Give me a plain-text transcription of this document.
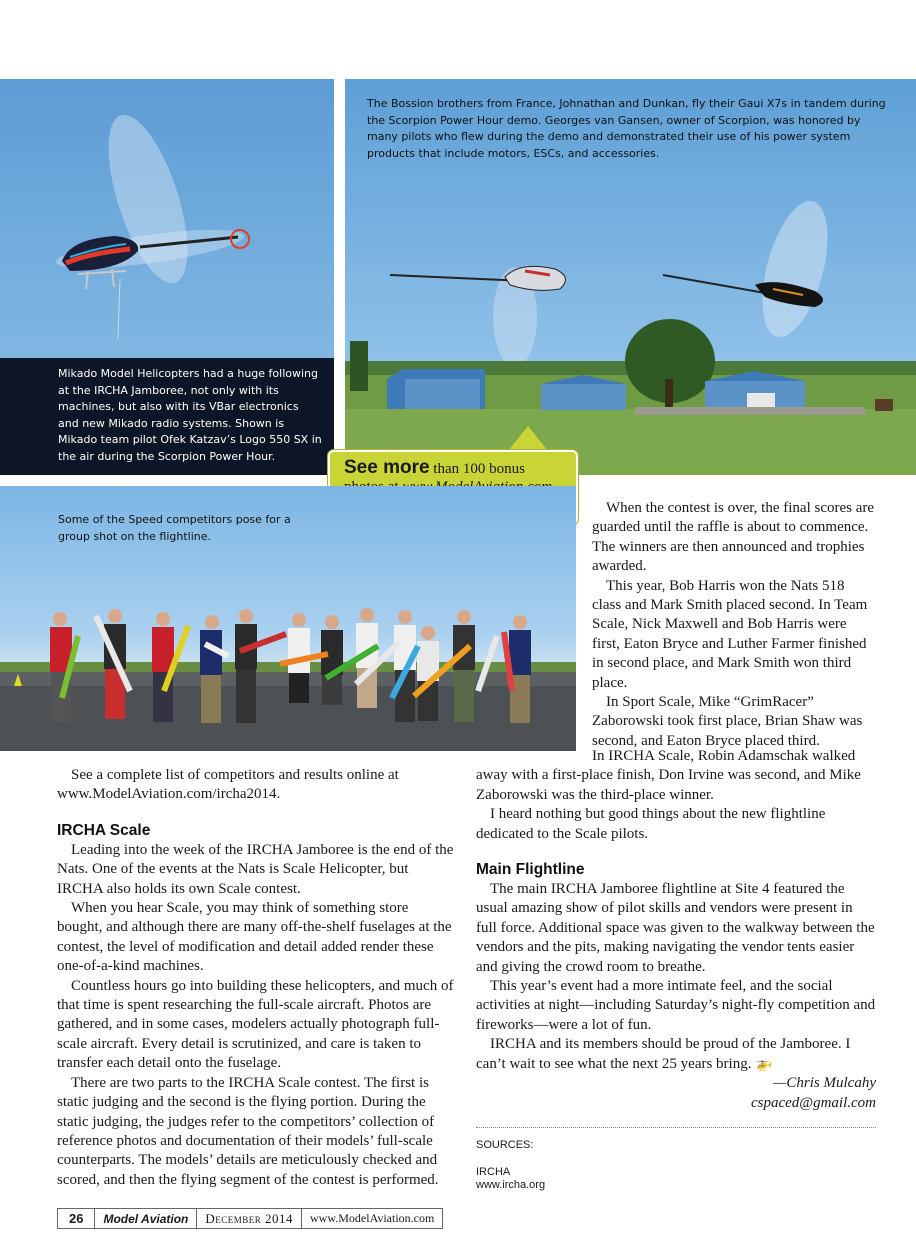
Mikado Model Helicopters had a huge following at the IRCHA Jamboree, not only with its machines, but also with its VBar electronics and new Mikado radio systems. Shown is Mikado team pilot Ofek Katzav’s Logo 550 SX in the air during the Scorpion Power Hour.
The Bossion brothers from France, Johnathan and Dunkan, fly their Gaui X7s in tandem during the Scorpion Power Hour demo. Georges van Gansen, owner of Scorpion, was honored by many pilots who flew during the demo and demonstrated their use of his power system products that include motors, ESCs, and accessories.
See more than 100 bonus
Some of the Speed competitors pose for a group shot on the flightline.

When the contest is over, the final scores are guarded until the raffle is about to commence. The winners are then announced and trophies awarded.

This year, Bob Harris won the Nats 518 class and Mark Smith placed second. In Team Scale, Nick Maxwell and Bob Harris were first, Eaton Bryce and Luther Farmer finished in second place, and Mark Smith won third place.

In Sport Scale, Mike “GrimRacer” Zaborowski took first place, Brian Shaw was second, and Eaton Bryce placed third.

In IRCHA Scale, Robin Adamschak walked away with a first-place finish, Don Irvine was second, and Mike Zaborowski was the third-place winner.

I heard nothing but good things about the new flightline dedicated to the Scale pilots.

Main Flightline

The main IRCHA Jamboree flightline at Site 4 featured the usual amazing show of pilot skills and vendors were present in full force. Additional space was given to the walkway between the vendors and the pits, making navigating the vendor tents easier and giving the crowd room to breathe.

This year’s event had a more intimate feel, and the social activities at night—including Saturday’s night-fly competition and fireworks—were a lot of fun.

IRCHA and its members should be proud of the Jamboree. I can’t wait to see what the next 25 years bring. 🚁

—Chris Mulcahy

cspaced@gmail.com

SOURCES:
IRCHA
www.ircha.org

See a complete list of competitors and results online at www.ModelAviation.com/ircha2014.

IRCHA Scale

Leading into the week of the IRCHA Jamboree is the end of the Nats. One of the events at the Nats is Scale Helicopter, but IRCHA also holds its own Scale contest.

When you hear Scale, you may think of something store bought, and although there are many off-the-shelf fuselages at the contest, the level of modification and detail added render these one-of-a-kind machines.

Countless hours go into building these helicopters, and much of that time is spent researching the full-scale aircraft. Photos are gathered, and in some cases, modelers actually photograph full-scale aircraft. Every detail is scrutinized, and care is taken to transfer each detail onto the fuselage.

There are two parts to the IRCHA Scale contest. The first is static judging and the second is the flying portion. During the static judging, the judges refer to the competitors’ collection of reference photos and documentation of their models’ full-scale counterparts. The models’ details are meticulously checked and scored, and then the flying segment of the contest is performed.

26	Model Aviation	December 2014	www.ModelAviation.com
